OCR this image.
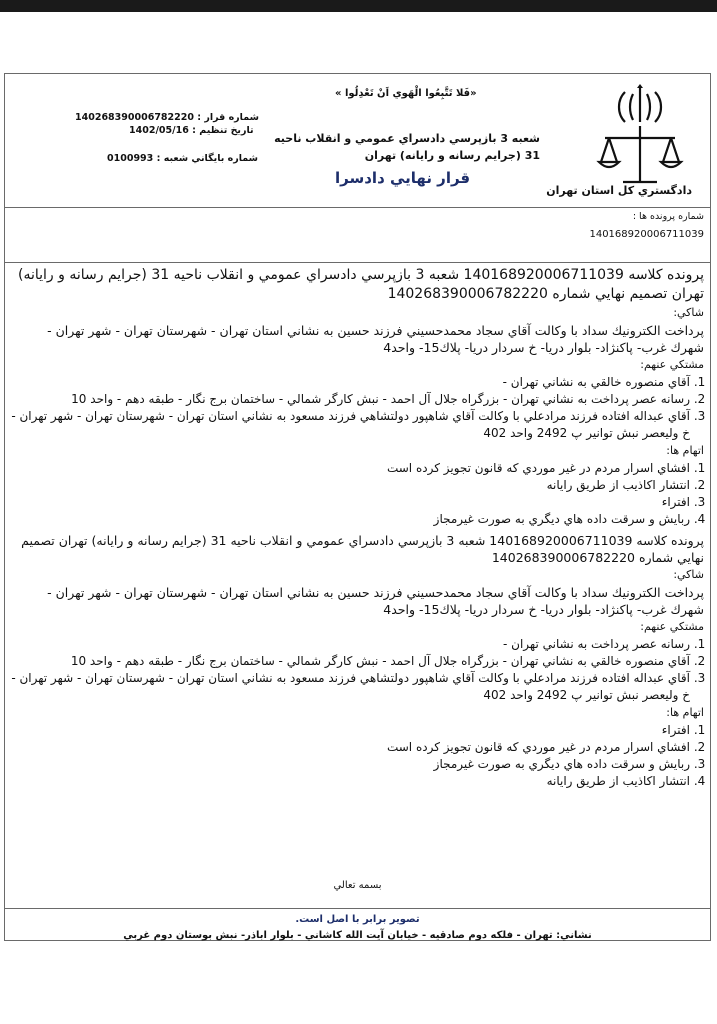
دادگستري كل استان تهران
«فَلا تَتَّبِعُوا الْهَوي اَنْ تَعْدِلُوا »
شعبه 3 بازپرسي دادسراي عمومي و انقلاب ناحيه 31 (جرايم رسانه و رايانه) تهران
قرار نهايي دادسرا
شماره قرار : 140268390006782220
تاريخ تنظيم : 1402/05/16
شماره بايگاني شعبه : 0100993
شماره پرونده ها :
140168920006711039

پرونده كلاسه 140168920006711039 شعبه 3 بازپرسي دادسراي عمومي و انقلاب ناحيه 31 (جرايم رسانه و رايانه) تهران تصميم نهايي شماره 140268390006782220

شاكي:

پرداخت الكترونيك سداد با وكالت آقاي سجاد محمدحسيني فرزند حسين به نشاني استان تهران - شهرستان تهران - شهر تهران - شهرك غرب- پاكنژاد- بلوار دريا- خ سردار دريا- پلاك15- واحد4

مشتكي عنهم:
1. آقاي منصوره خالقي به نشاني تهران -
2. رسانه عصر پرداخت به نشاني تهران - بزرگراه جلال آل احمد - نبش كارگر شمالي - ساختمان برج نگار - طبقه دهم - واحد 10
3. آقاي عبداله افتاده فرزند مرادعلي با وكالت آقاي شاهپور دولتشاهي فرزند مسعود به نشاني استان تهران - شهرستان تهران - شهر تهران - خ وليعصر نبش توانير پ 2492 واحد 402
اتهام ها:
1. افشاي اسرار مردم در غير موردي كه قانون تجويز كرده است
2. انتشار اكاذيب از طريق رايانه
3. افتراء
4. ربايش و سرقت داده هاي ديگري به صورت غيرمجاز

پرونده كلاسه 140168920006711039 شعبه 3 بازپرسي دادسراي عمومي و انقلاب ناحيه 31 (جرايم رسانه و رايانه) تهران تصميم نهايي شماره 140268390006782220

شاكي:

پرداخت الكترونيك سداد با وكالت آقاي سجاد محمدحسيني فرزند حسين به نشاني استان تهران - شهرستان تهران - شهر تهران - شهرك غرب- پاكنژاد- بلوار دريا- خ سردار دريا- پلاك15- واحد4

مشتكي عنهم:
1. رسانه عصر پرداخت به نشاني تهران -
2. آقاي منصوره خالقي به نشاني تهران - بزرگراه جلال آل احمد - نبش كارگر شمالي - ساختمان برج نگار - طبقه دهم - واحد 10
3. آقاي عبداله افتاده فرزند مرادعلي با وكالت آقاي شاهپور دولتشاهي فرزند مسعود به نشاني استان تهران - شهرستان تهران - شهر تهران - خ وليعصر نبش توانير پ 2492 واحد 402
اتهام ها:
1. افتراء
2. افشاي اسرار مردم در غير موردي كه قانون تجويز كرده است
3. ربايش و سرقت داده هاي ديگري به صورت غيرمجاز
4. انتشار اكاذيب از طريق رايانه
بسمه تعالي
تصوير برابر با اصل است.
نشاني: تهران - فلكه دوم صادقيه - خيابان آيت الله كاشاني - بلوار اباذر- نبش بوستان دوم غربي
